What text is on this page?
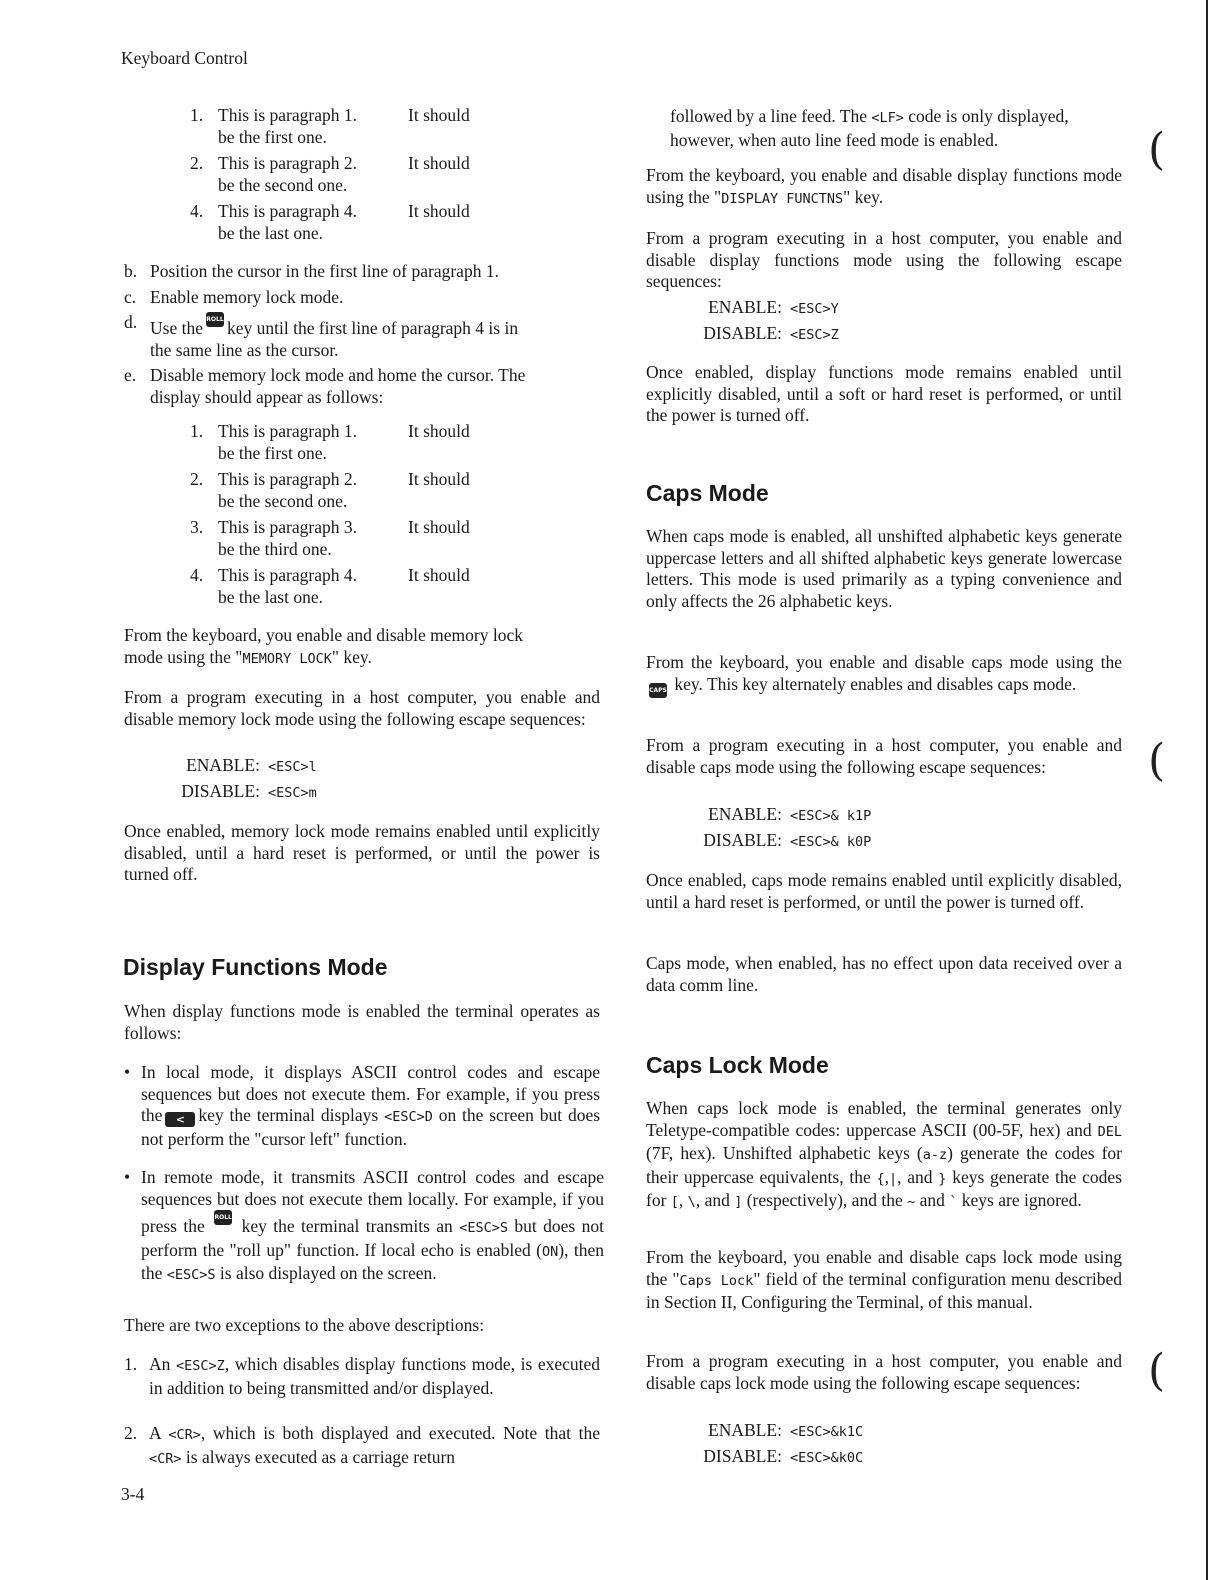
Keyboard Control
1. This is paragraph 1.	It should
be the first one.
2. This is paragraph 2.	It should
be the second one.
4. This is paragraph 4.	It should
be the last one.
b. Position the cursor in the first line of paragraph 1.
c. Enable memory lock mode.
d. Use the ROLL UP key until the first line of paragraph 4 is in
the same line as the cursor.
e. Disable memory lock mode and home the cursor. The
display should appear as follows:
1. This is paragraph 1.	It should
be the first one.
2. This is paragraph 2.	It should
be the second one.
3. This is paragraph 3.	It should
be the third one.
4. This is paragraph 4.	It should
be the last one.

From the keyboard, you enable and disable memory lock
mode using the "MEMORY LOCK" key.

From a program executing in a host computer, you enable and disable memory lock mode using the following escape sequences:

ENABLE: <ESC>l
DISABLE: <ESC>m

Once enabled, memory lock mode remains enabled until explicitly disabled, until a hard reset is performed, or until the power is turned off.

Display Functions Mode

When display functions mode is enabled the terminal operates as follows:

• In local mode, it displays ASCII control codes and escape sequences but does not execute them. For example, if you press the < key the terminal displays <ESC>D on the screen but does not perform the "cursor left" function.

• In remote mode, it transmits ASCII control codes and escape sequences but does not execute them locally. For example, if you press the ROLL UP key the terminal transmits an <ESC>S but does not perform the "roll up" function. If local echo is enabled (ON), then the <ESC>S is also displayed on the screen.

There are two exceptions to the above descriptions:

1. An <ESC>Z, which disables display functions mode, is executed in addition to being transmitted and/or displayed.

2. A <CR>, which is both displayed and executed. Note that the <CR> is always executed as a carriage return

3-4

followed by a line feed. The <LF> code is only displayed,
however, when auto line feed mode is enabled.

From the keyboard, you enable and disable display functions mode using the "DISPLAY FUNCTNS" key.

From a program executing in a host computer, you enable and disable display functions mode using the following escape sequences:

ENABLE: <ESC>Y
DISABLE: <ESC>Z

Once enabled, display functions mode remains enabled until explicitly disabled, until a soft or hard reset is performed, or until the power is turned off.

Caps Mode

When caps mode is enabled, all unshifted alphabetic keys generate uppercase letters and all shifted alphabetic keys generate lowercase letters. This mode is used primarily as a typing convenience and only affects the 26 alphabetic keys.

From the keyboard, you enable and disable caps mode using the CAPS key. This key alternately enables and disables caps mode.

From a program executing in a host computer, you enable and disable caps mode using the following escape sequences:

ENABLE: <ESC>& k1P
DISABLE: <ESC>& k0P

Once enabled, caps mode remains enabled until explicitly disabled, until a hard reset is performed, or until the power is turned off.

Caps mode, when enabled, has no effect upon data received over a data comm line.

Caps Lock Mode

When caps lock mode is enabled, the terminal generates only Teletype-compatible codes: uppercase ASCII (00-5F, hex) and DEL (7F, hex). Unshifted alphabetic keys (a-z) generate the codes for their uppercase equivalents, the {,|, and } keys generate the codes for [, \, and ] (respectively), and the ~ and ` keys are ignored.

From the keyboard, you enable and disable caps lock mode using the "Caps Lock" field of the terminal configuration menu described in Section II, Configuring the Terminal, of this manual.

From a program executing in a host computer, you enable and disable caps lock mode using the following escape sequences:

ENABLE: <ESC>&k1C
DISABLE: <ESC>&k0C
(
(
(
